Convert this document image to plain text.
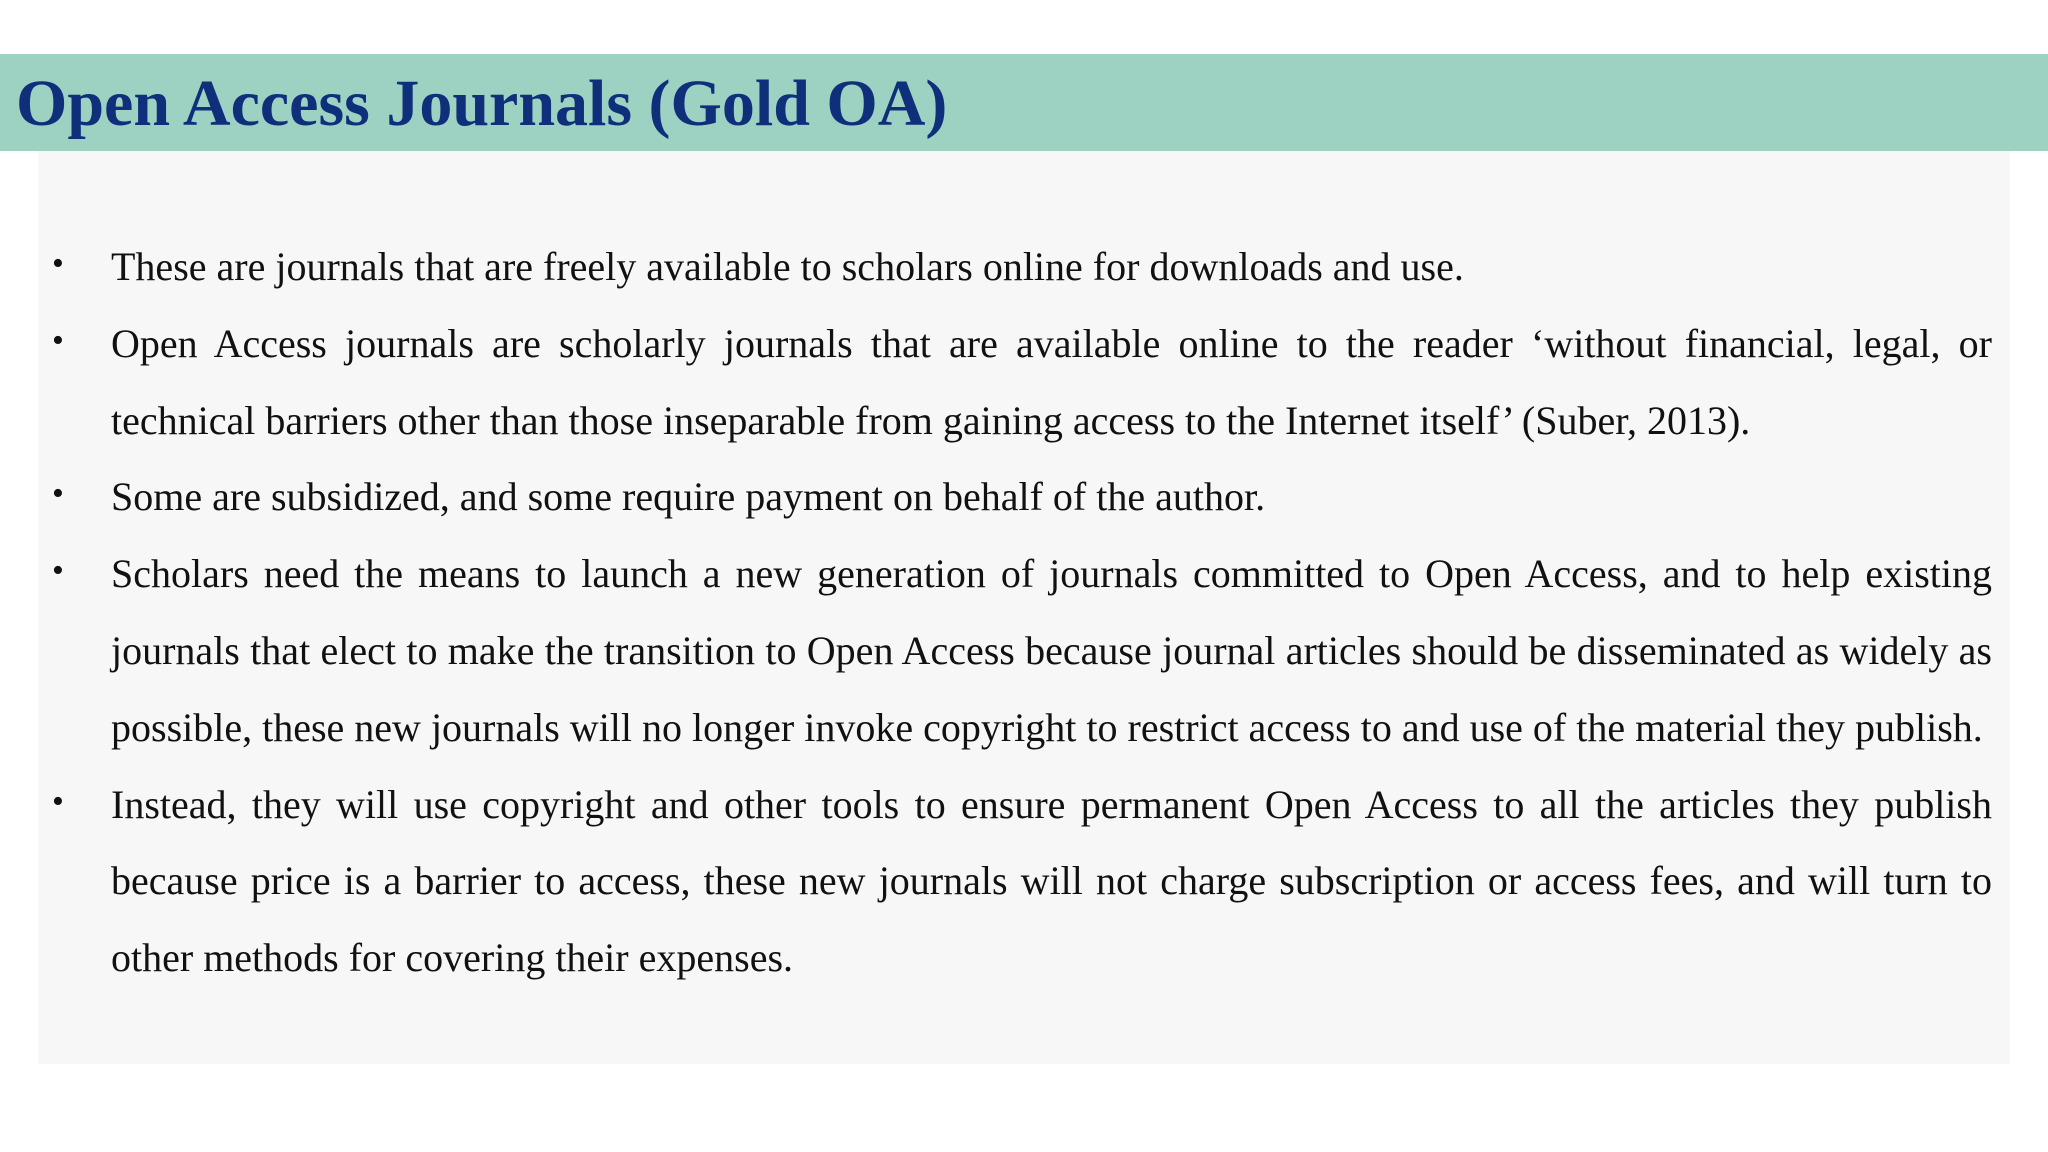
Open Access Journals (Gold OA)
•	These are journals that are freely available to scholars online for downloads and use.
•	Open Access journals are scholarly journals that are available online to the reader ‘without financial, legal, or technical barriers other than those inseparable from gaining access to the Internet itself’ (Suber, 2013).
•	Some are subsidized, and some require payment on behalf of the author.
•	Scholars need the means to launch a new generation of journals committed to Open Access, and to help existing journals that elect to make the transition to Open Access because journal articles should be disseminated as widely as possible, these new journals will no longer invoke copyright to restrict access to and use of the material they publish.
•	Instead, they will use copyright and other tools to ensure permanent Open Access to all the articles they publish because price is a barrier to access, these new journals will not charge subscription or access fees, and will turn to other methods for covering their expenses.
